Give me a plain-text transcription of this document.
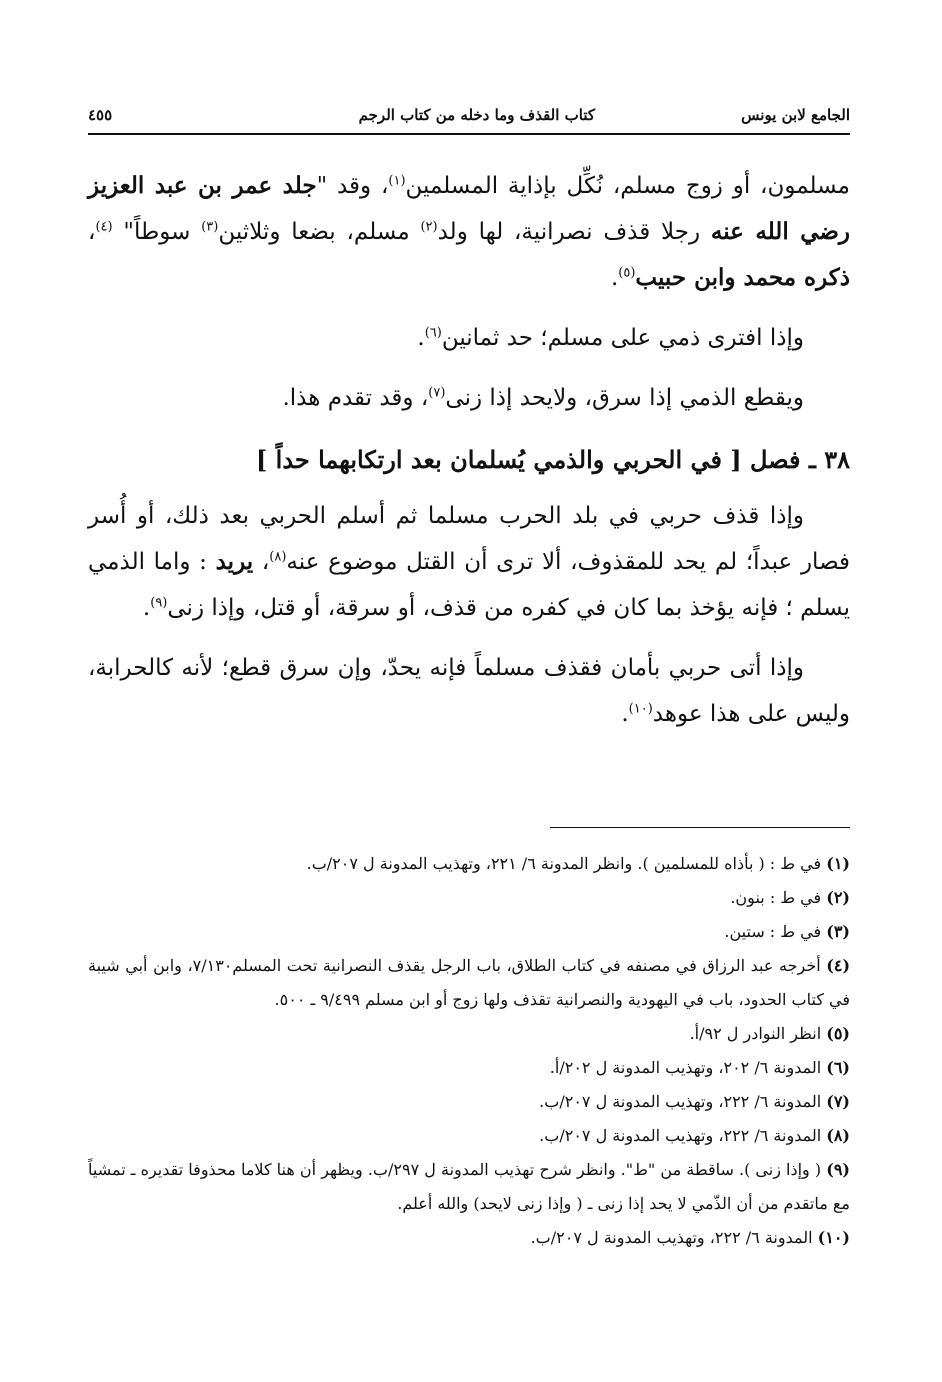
الجامع لابن يونس
كتاب القذف وما دخله من كتاب الرجم
٤٥٥

مسلمون، أو زوج مسلم، نُكِّل بإذاية المسلمين$^{(١)}$، وقد "جلد عمر بن عبد العزيز رضي الله عنه رجلا قذف نصرانية، لها ولد$^{(٢)}$ مسلم، بضعا وثلاثين$^{(٣)}$ سوطاً" $^{(٤)}$، ذكره محمد وابن حبيب$^{(٥)}$.

وإذا افترى ذمي على مسلم؛ حد ثمانين$^{(٦)}$.

ويقطع الذمي إذا سرق، ولايحد إذا زنى$^{(٧)}$، وقد تقدم هذا.

٣٨ ـ فصل [ في الحربي والذمي يُسلمان بعد ارتكابهما حداً ]

وإذا قذف حربي في بلد الحرب مسلما ثم أسلم الحربي بعد ذلك، أو أُسر فصار عبداً؛ لم يحد للمقذوف، ألا ترى أن القتل موضوع عنه$^{(٨)}$، يريد : واما الذمي يسلم ؛ فإنه يؤخذ بما كان في كفره من قذف، أو سرقة، أو قتل، وإذا زنى$^{(٩)}$.

وإذا أتى حربي بأمان فقذف مسلماً فإنه يحدّ، وإن سرق قطع؛ لأنه كالحرابة، وليس على هذا عوهد$^{(١٠)}$.

(١) في ط : ( بأذاه للمسلمين ). وانظر المدونة ٦/ ٢٢١، وتهذيب المدونة ل ٢٠٧/ب.

(٢) في ط : بنون.

(٣) في ط : ستين.

(٤) أخرجه عبد الرزاق في مصنفه في كتاب الطلاق، باب الرجل يقذف النصرانية تحت المسلم٧/١٣٠، وابن أبي شيبة في كتاب الحدود، باب في اليهودية والنصرانية تقذف ولها زوج أو ابن مسلم ٩/٤٩٩ ـ ٥٠٠.

(٥) انظر النوادر ل ٩٢/أ.

(٦) المدونة ٦/ ٢٠٢، وتهذيب المدونة ل ٢٠٢/أ.

(٧) المدونة ٦/ ٢٢٢، وتهذيب المدونة ل ٢٠٧/ب.

(٨) المدونة ٦/ ٢٢٢، وتهذيب المدونة ل ٢٠٧/ب.

(٩) ( وإذا زنى ). ساقطة من "ط". وانظر شرح تهذيب المدونة ل ٢٩٧/ب. ويظهر أن هنا كلاما محذوفا تقديره ـ تمشياً مع ماتقدم من أن الذّمي لا يحد إذا زنى ـ ( وإذا زنى لايحد) والله أعلم.

(١٠) المدونة ٦/ ٢٢٢، وتهذيب المدونة ل ٢٠٧/ب.
